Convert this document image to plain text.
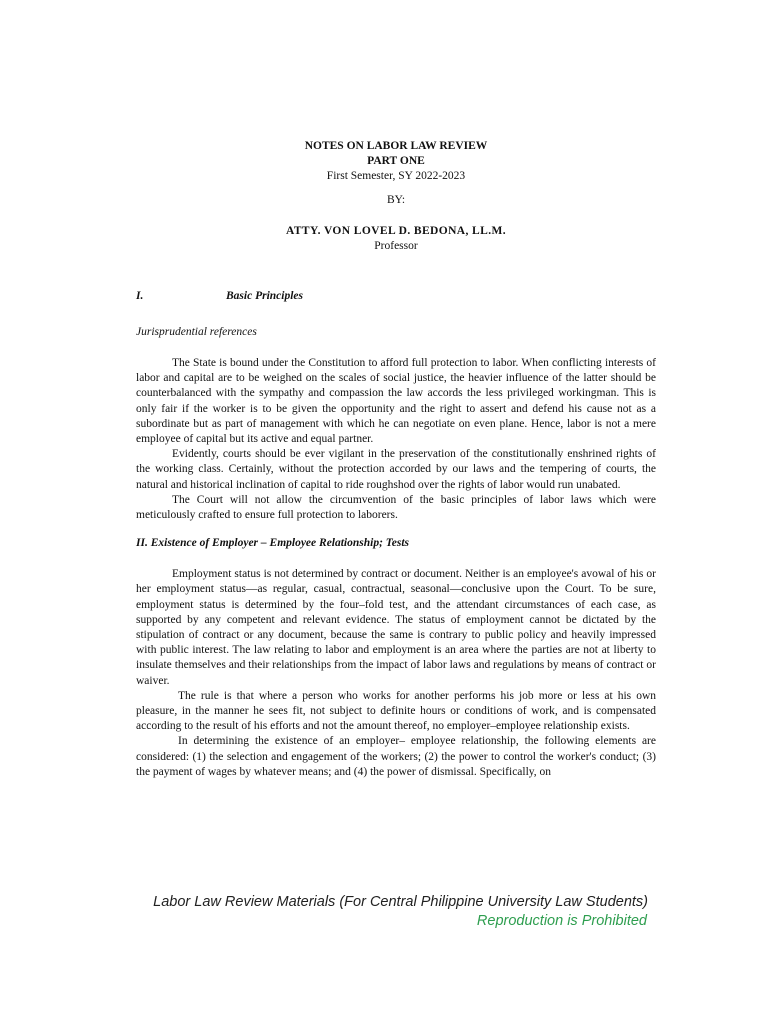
NOTES ON LABOR LAW REVIEW
PART ONE
First Semester, SY 2022-2023
BY:
ATTY. VON LOVEL D. BEDONA, LL.M.
Professor
I.	Basic Principles
Jurisprudential references

The State is bound under the Constitution to afford full protection to labor. When conflicting interests of labor and capital are to be weighed on the scales of social justice, the heavier influence of the latter should be counterbalanced with the sympathy and compassion the law accords the less privileged workingman. This is only fair if the worker is to be given the opportunity and the right to assert and defend his cause not as a subordinate but as part of management with which he can negotiate on even plane. Hence, labor is not a mere employee of capital but its active and equal partner.

Evidently, courts should be ever vigilant in the preservation of the constitutionally enshrined rights of the working class. Certainly, without the protection accorded by our laws and the tempering of courts, the natural and historical inclination of capital to ride roughshod over the rights of labor would run unabated.

The Court will not allow the circumvention of the basic principles of labor laws which were meticulously crafted to ensure full protection to laborers.

II. Existence of Employer – Employee Relationship; Tests

Employment status is not determined by contract or document. Neither is an employee's avowal of his or her employment status—as regular, casual, contractual, seasonal—conclusive upon the Court. To be sure, employment status is determined by the four–fold test, and the attendant circumstances of each case, as supported by any competent and relevant evidence. The status of employment cannot be dictated by the stipulation of contract or any document, because the same is contrary to public policy and heavily impressed with public interest. The law relating to labor and employment is an area where the parties are not at liberty to insulate themselves and their relationships from the impact of labor laws and regulations by means of contract or waiver.

The rule is that where a person who works for another performs his job more or less at his own pleasure, in the manner he sees fit, not subject to definite hours or conditions of work, and is compensated according to the result of his efforts and not the amount thereof, no employer–employee relationship exists.

In determining the existence of an employer– employee relationship, the following elements are considered: (1) the selection and engagement of the workers; (2) the power to control the worker's conduct; (3) the payment of wages by whatever means; and (4) the power of dismissal. Specifically, on

Labor Law Review Materials (For Central Philippine University Law Students)
Reproduction is Prohibited
